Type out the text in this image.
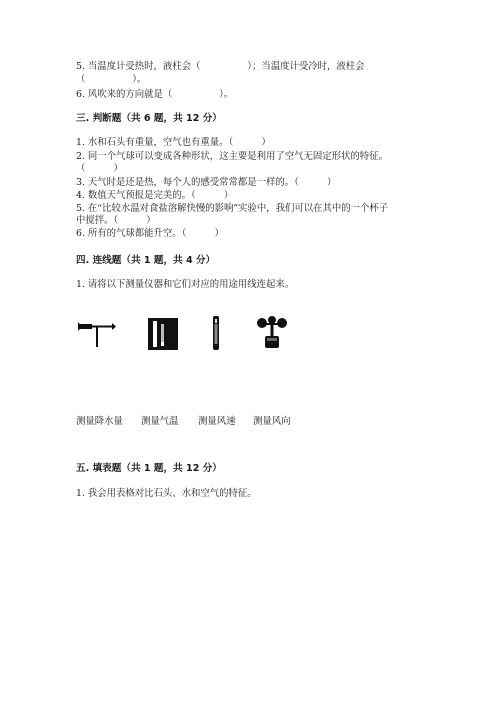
5. 当温度计受热时，液柱会（　　　　　）；当温度计受冷时，液柱会
（　　　　　）。
6. 风吹来的方向就是（　　　　　）。
三. 判断题（共 6 题，共 12 分）
1. 水和石头有重量，空气也有重量。（　　　）
2. 同一个气球可以变成各种形状，这主要是利用了空气无固定形状的特征。
（　　　）
3. 天气时是还是热，每个人的感受常常都是一样的。（　　　）
4. 数值天气预报是完美的。（　　　）
5. 在“比较水温对食盐溶解快慢的影响”实验中，我们可以在其中的一个杯子
中搅拌。（　　　）
6. 所有的气球都能升空。（　　　）
四. 连线题（共 1 题，共 4 分）
1. 请将以下测量仪器和它们对应的用途用线连起来。
测量降水量 测量气温 测量风速 测量风向
五. 填表题（共 1 题，共 12 分）
1. 我会用表格对比石头、水和空气的特征。
